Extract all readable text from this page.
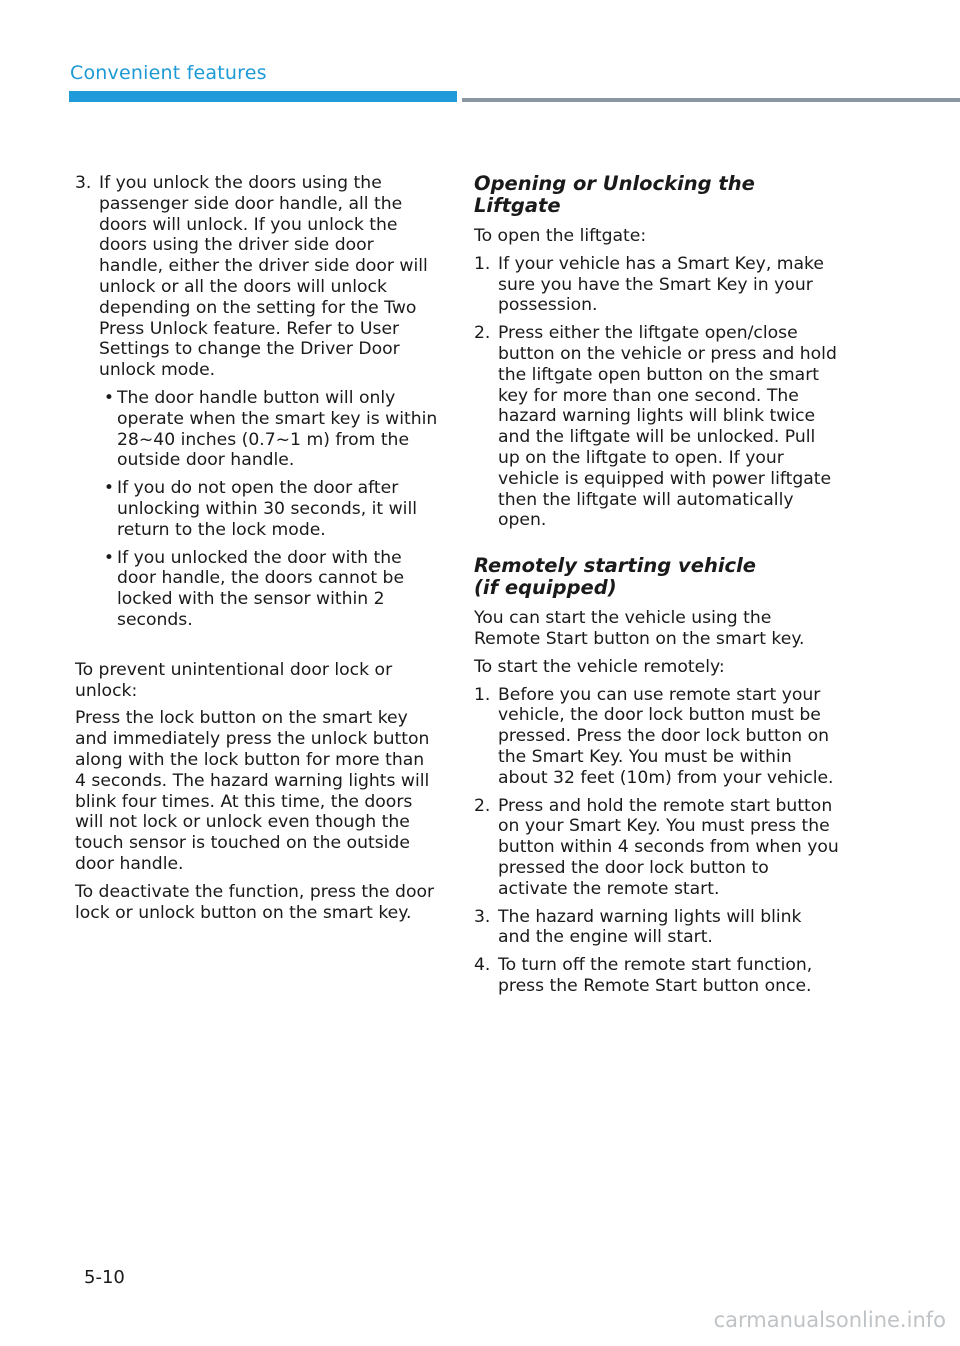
Convenient features
3. If you unlock the doors using the passenger side door handle, all the doors will unlock. If you unlock the doors using the driver side door handle, either the driver side door will unlock or all the doors will unlock depending on the setting for the Two Press Unlock feature. Refer to User Settings to change the Driver Door unlock mode.
• The door handle button will only operate when the smart key is within 28~40 inches (0.7~1 m) from the outside door handle.
• If you do not open the door after unlocking within 30 seconds, it will return to the lock mode.
• If you unlocked the door with the door handle, the doors cannot be locked with the sensor within 2 seconds.

To prevent unintentional door lock or unlock:

Press the lock button on the smart key and immediately press the unlock button along with the lock button for more than 4 seconds. The hazard warning lights will blink four times. At this time, the doors will not lock or unlock even though the touch sensor is touched on the outside door handle.

To deactivate the function, press the door lock or unlock button on the smart key.

Opening or Unlocking the Liftgate

To open the liftgate:

1. If your vehicle has a Smart Key, make sure you have the Smart Key in your possession.
2. Press either the liftgate open/close button on the vehicle or press and hold the liftgate open button on the smart key for more than one second. The hazard warning lights will blink twice and the liftgate will be unlocked. Pull up on the liftgate to open. If your vehicle is equipped with power liftgate then the liftgate will automatically open.
Remotely starting vehicle
(if equipped)

You can start the vehicle using the Remote Start button on the smart key.

To start the vehicle remotely:

1. Before you can use remote start your vehicle, the door lock button must be pressed. Press the door lock button on the Smart Key. You must be within about 32 feet (10m) from your vehicle.
2. Press and hold the remote start button on your Smart Key. You must press the button within 4 seconds from when you pressed the door lock button to activate the remote start.
3. The hazard warning lights will blink and the engine will start.
4. To turn off the remote start function, press the Remote Start button once.
5-10
carmanualsonline.info
